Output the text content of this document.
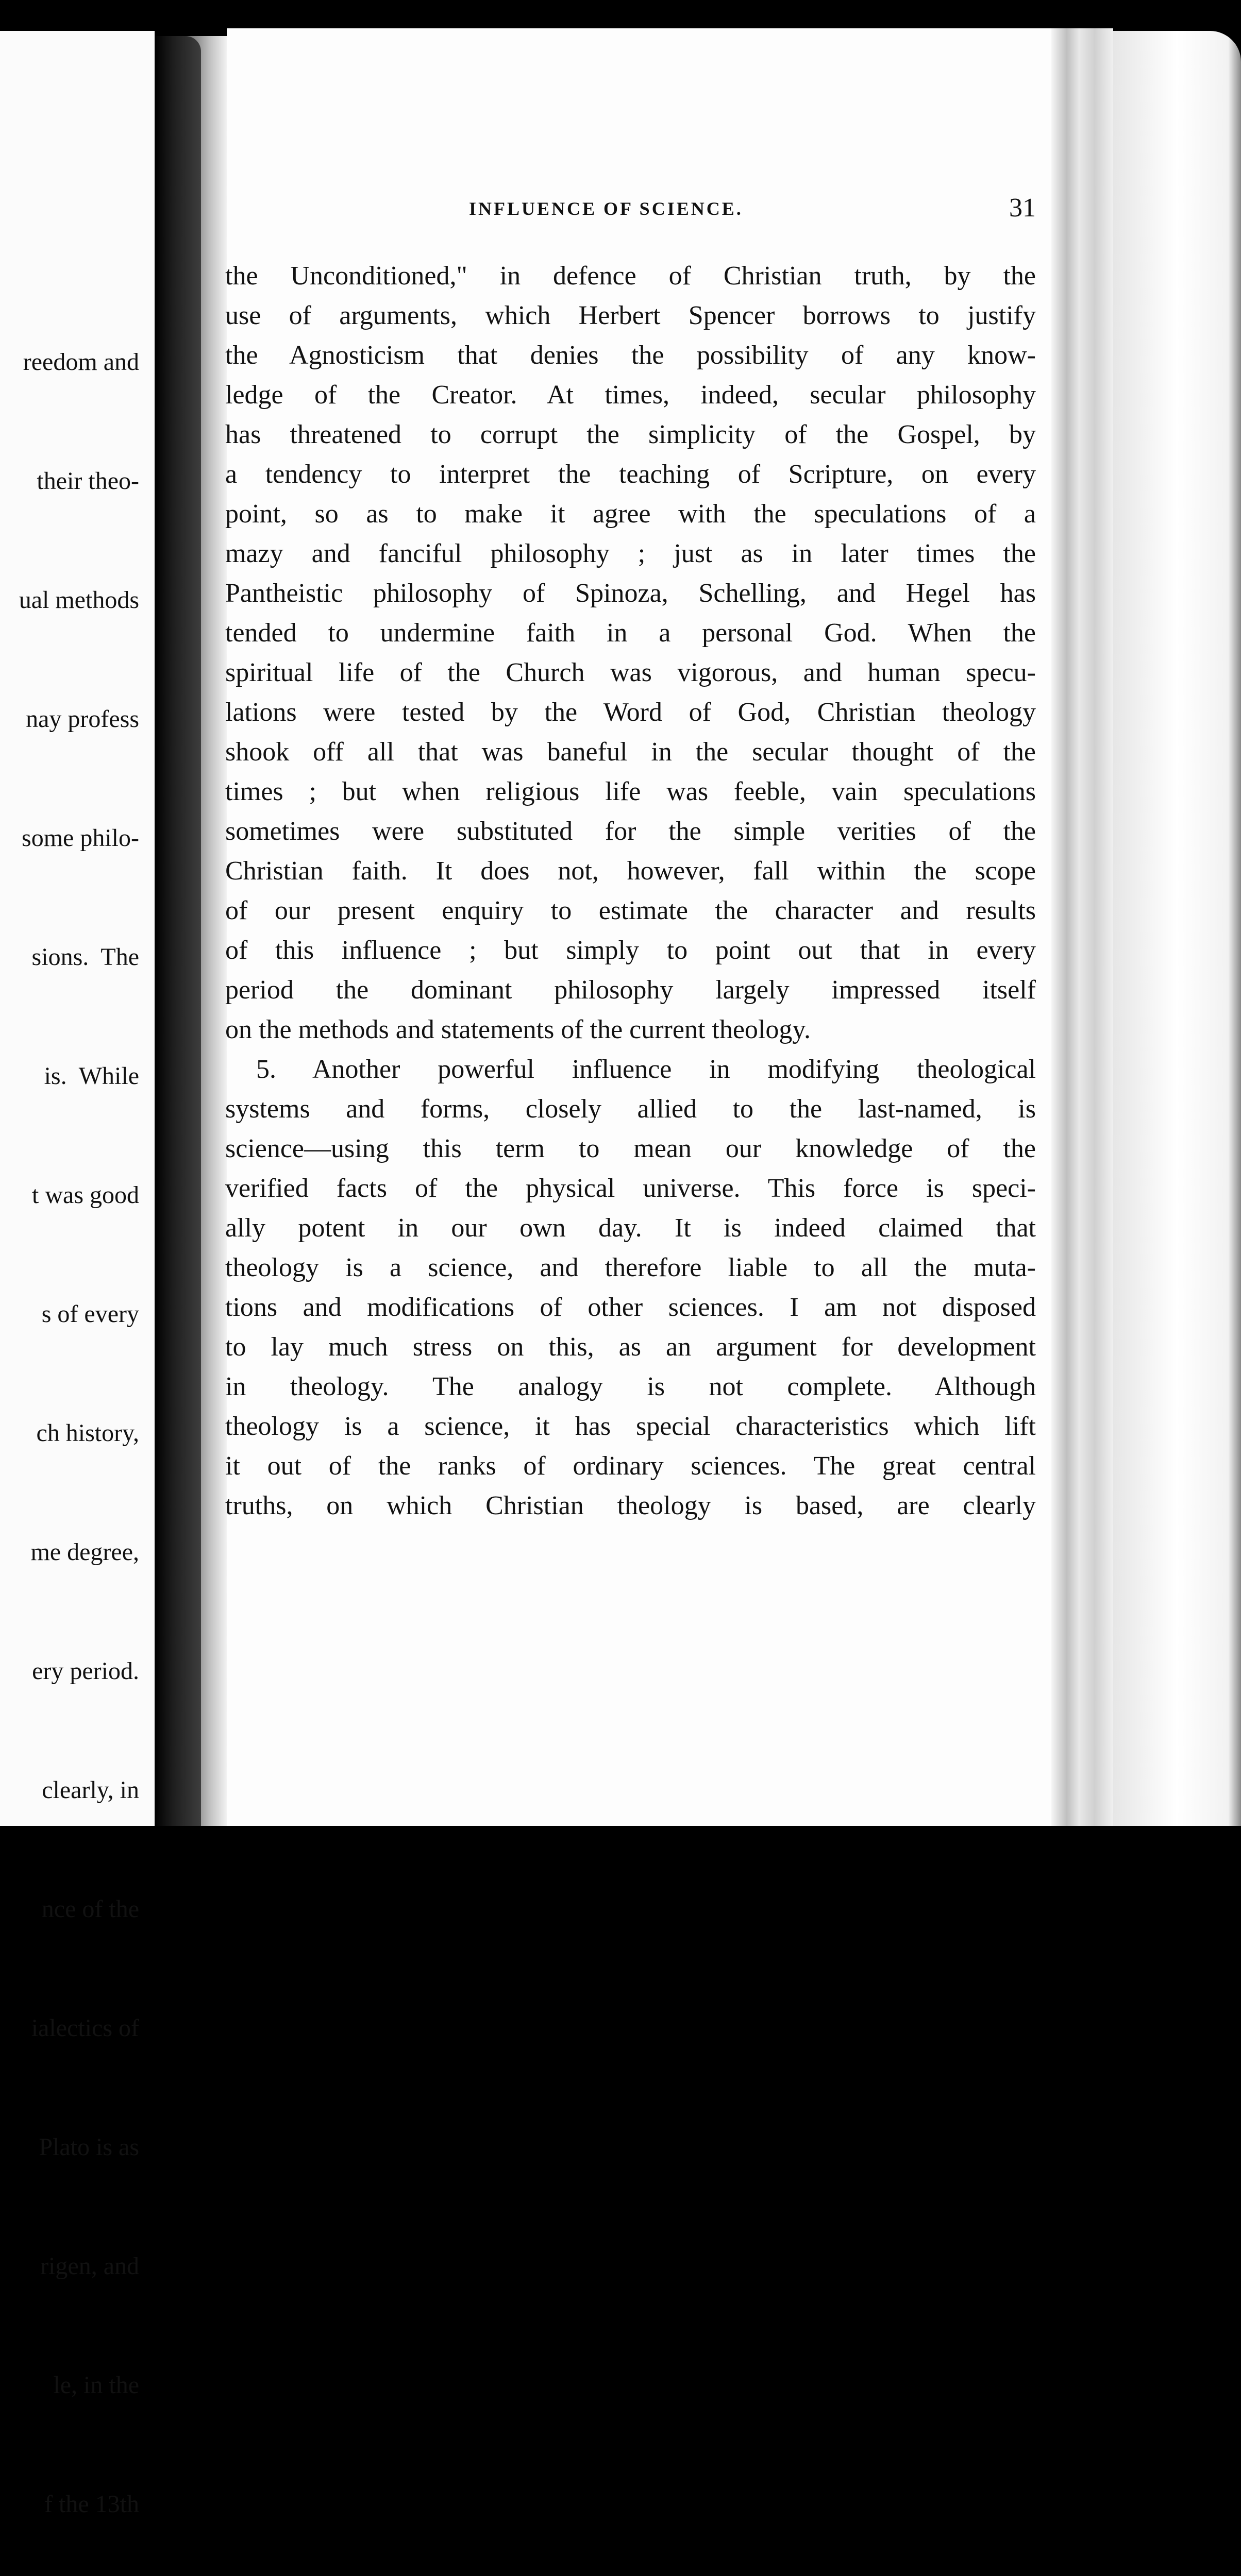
reedom and

their theo-

ual methods

nay profess

some philo-

sions.  The

is.  While

t was good

s of every

ch history,

me degree,

ery period.

clearly, in

nce of the

ialectics of

Plato is as

rigen, and

le, in the

f the 13th

INFLUENCE OF SCIENCE.	31
the Unconditioned," in defence of Christian truth, by the
use of arguments, which Herbert Spencer borrows to justify
the Agnosticism that denies the possibility of any know-
ledge of the Creator. At times, indeed, secular philosophy
has threatened to corrupt the simplicity of the Gospel, by
a tendency to interpret the teaching of Scripture, on every
point, so as to make it agree with the speculations of a
mazy and fanciful philosophy ; just as in later times the
Pantheistic philosophy of Spinoza, Schelling, and Hegel has
tended to undermine faith in a personal God. When the
spiritual life of the Church was vigorous, and human specu-
lations were tested by the Word of God, Christian theology
shook off all that was baneful in the secular thought of the
times ; but when religious life was feeble, vain speculations
sometimes were substituted for the simple verities of the
Christian faith. It does not, however, fall within the scope
of our present enquiry to estimate the character and results
of this influence ; but simply to point out that in every
period the dominant philosophy largely impressed itself
on the methods and statements of the current theology.
5. Another powerful influence in modifying theological
systems and forms, closely allied to the last-named, is
science—using this term to mean our knowledge of the
verified facts of the physical universe. This force is speci-
ally potent in our own day. It is indeed claimed that
theology is a science, and therefore liable to all the muta-
tions and modifications of other sciences. I am not disposed
to lay much stress on this, as an argument for development
in theology. The analogy is not complete. Although
theology is a science, it has special characteristics which lift
it out of the ranks of ordinary sciences. The great central
truths, on which Christian theology is based, are clearly
